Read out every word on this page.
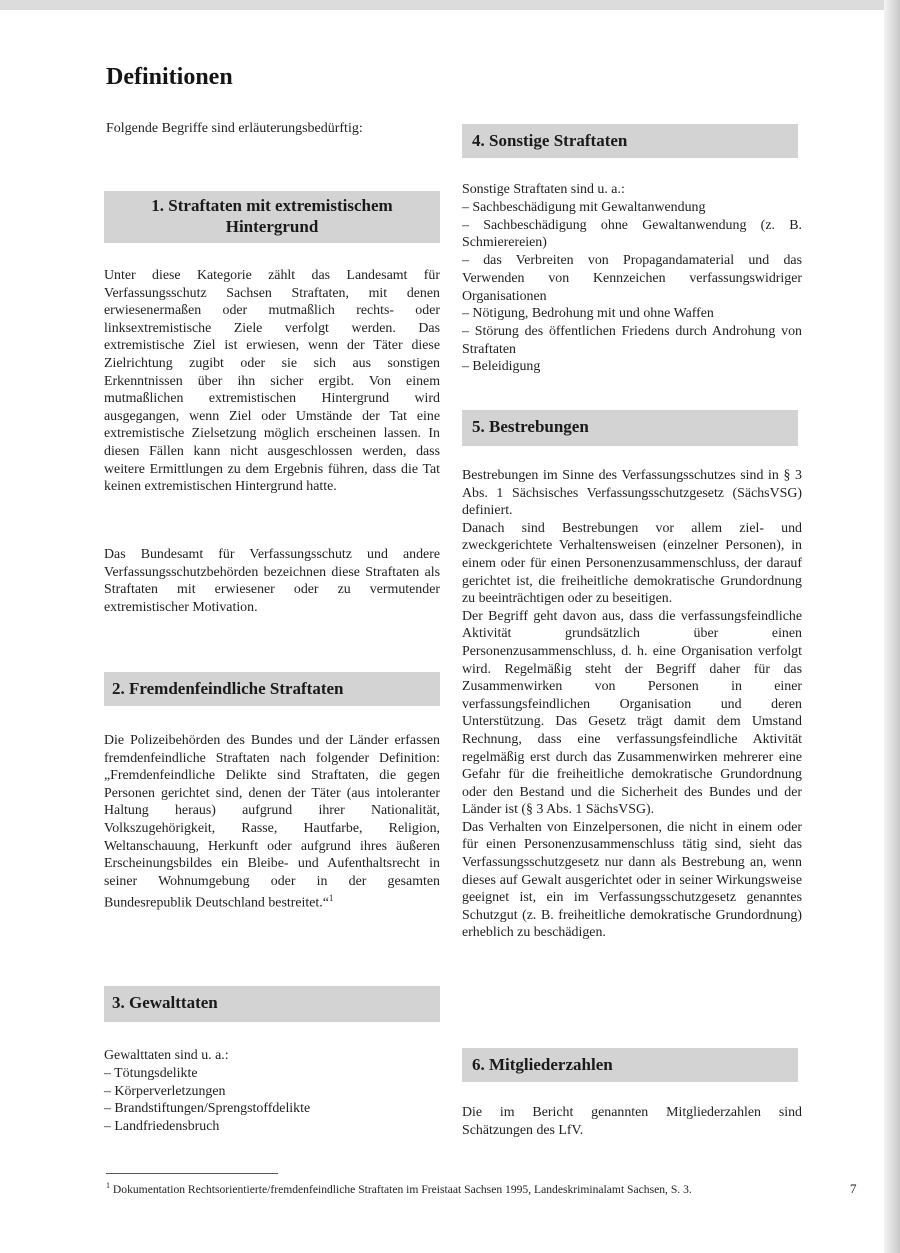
Definitionen

Folgende Begriffe sind erläuterungsbedürftig:

1. Straftaten mit extremistischem Hintergrund

Unter diese Kategorie zählt das Landesamt für Verfassungsschutz Sachsen Straftaten, mit denen erwiesenermaßen oder mutmaßlich rechts- oder linksextremistische Ziele verfolgt werden. Das extremistische Ziel ist erwiesen, wenn der Täter diese Zielrichtung zugibt oder sie sich aus sonstigen Erkenntnissen über ihn sicher ergibt. Von einem mutmaßlichen extremistischen Hintergrund wird ausgegangen, wenn Ziel oder Umstände der Tat eine extremistische Zielsetzung möglich erscheinen lassen. In diesen Fällen kann nicht ausgeschlossen werden, dass weitere Ermittlungen zu dem Ergebnis führen, dass die Tat keinen extremistischen Hintergrund hatte.

Das Bundesamt für Verfassungsschutz und andere Verfassungsschutzbehörden bezeichnen diese Straftaten als Straftaten mit erwiesener oder zu vermutender extremistischer Motivation.

2. Fremdenfeindliche Straftaten

Die Polizeibehörden des Bundes und der Länder erfassen fremdenfeindliche Straftaten nach folgender Definition: „Fremdenfeindliche Delikte sind Straftaten, die gegen Personen gerichtet sind, denen der Täter (aus intoleranter Haltung heraus) aufgrund ihrer Nationalität, Volkszugehörigkeit, Rasse, Hautfarbe, Religion, Weltanschauung, Herkunft oder aufgrund ihres äußeren Erscheinungsbildes ein Bleibe- und Aufenthaltsrecht in seiner Wohnumgebung oder in der gesamten Bundesrepublik Deutschland bestreitet.“$^1$

3. Gewalttaten

Gewalttaten sind u. a.:

– Tötungsdelikte
– Körperverletzungen
– Brandstiftungen/Sprengstoffdelikte
– Landfriedensbruch
4. Sonstige Straftaten

Sonstige Straftaten sind u. a.:

– Sachbeschädigung mit Gewaltanwendung
– Sachbeschädigung ohne Gewaltanwendung (z. B. Schmierereien)
– das Verbreiten von Propagandamaterial und das Verwenden von Kennzeichen verfassungswidriger Organisationen
– Nötigung, Bedrohung mit und ohne Waffen
– Störung des öffentlichen Friedens durch Androhung von Straftaten
– Beleidigung
5. Bestrebungen

Bestrebungen im Sinne des Verfassungsschutzes sind in § 3 Abs. 1 Sächsisches Verfassungsschutzgesetz (SächsVSG) definiert.

Danach sind Bestrebungen vor allem ziel- und zweckgerichtete Verhaltensweisen (einzelner Personen), in einem oder für einen Personenzusammenschluss, der darauf gerichtet ist, die freiheitliche demokratische Grundordnung zu beeinträchtigen oder zu beseitigen.

Der Begriff geht davon aus, dass die verfassungsfeindliche Aktivität grundsätzlich über einen Personenzusammenschluss, d. h. eine Organisation verfolgt wird. Regelmäßig steht der Begriff daher für das Zusammenwirken von Personen in einer verfassungsfeindlichen Organisation und deren Unterstützung. Das Gesetz trägt damit dem Umstand Rechnung, dass eine verfassungsfeindliche Aktivität regelmäßig erst durch das Zusammenwirken mehrerer eine Gefahr für die freiheitliche demokratische Grundordnung oder den Bestand und die Sicherheit des Bundes und der Länder ist (§ 3 Abs. 1 SächsVSG).

Das Verhalten von Einzelpersonen, die nicht in einem oder für einen Personenzusammenschluss tätig sind, sieht das Verfassungsschutzgesetz nur dann als Bestrebung an, wenn dieses auf Gewalt ausgerichtet oder in seiner Wirkungsweise geeignet ist, ein im Verfassungsschutzgesetz genanntes Schutzgut (z. B. freiheitliche demokratische Grundordnung) erheblich zu beschädigen.

6. Mitgliederzahlen

Die im Bericht genannten Mitgliederzahlen sind Schätzungen des LfV.

$^1$ Dokumentation Rechtsorientierte/fremdenfeindliche Straftaten im Freistaat Sachsen 1995, Landeskriminalamt Sachsen, S. 3.	7
